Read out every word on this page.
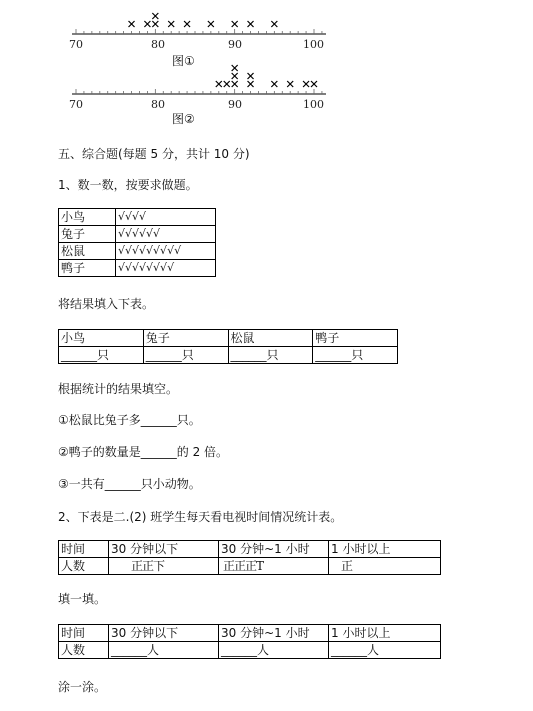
70	80	90	100
图①
70	80	90	100
图②
五、综合题(每题 5 分，共计 10 分)
1、数一数，按要求做题。
小鸟	√√√√
兔子	√√√√√√
松鼠	√√√√√√√√√
鸭子	√√√√√√√√
将结果填入下表。
小鸟	兔子	松鼠	鸭子
______只	______只	______只	______只
根据统计的结果填空。
①松鼠比兔子多______只。
②鸭子的数量是______的 2 倍。
③一共有______只小动物。
2、下表是二.(2) 班学生每天看电视时间情况统计表。
时间	30 分钟以下	30 分钟~1 小时	1 小时以上
人数	正正下	正正正T	正
填一填。
时间	30 分钟以下	30 分钟~1 小时	1 小时以上
人数	______人	______人	______人
涂一涂。
